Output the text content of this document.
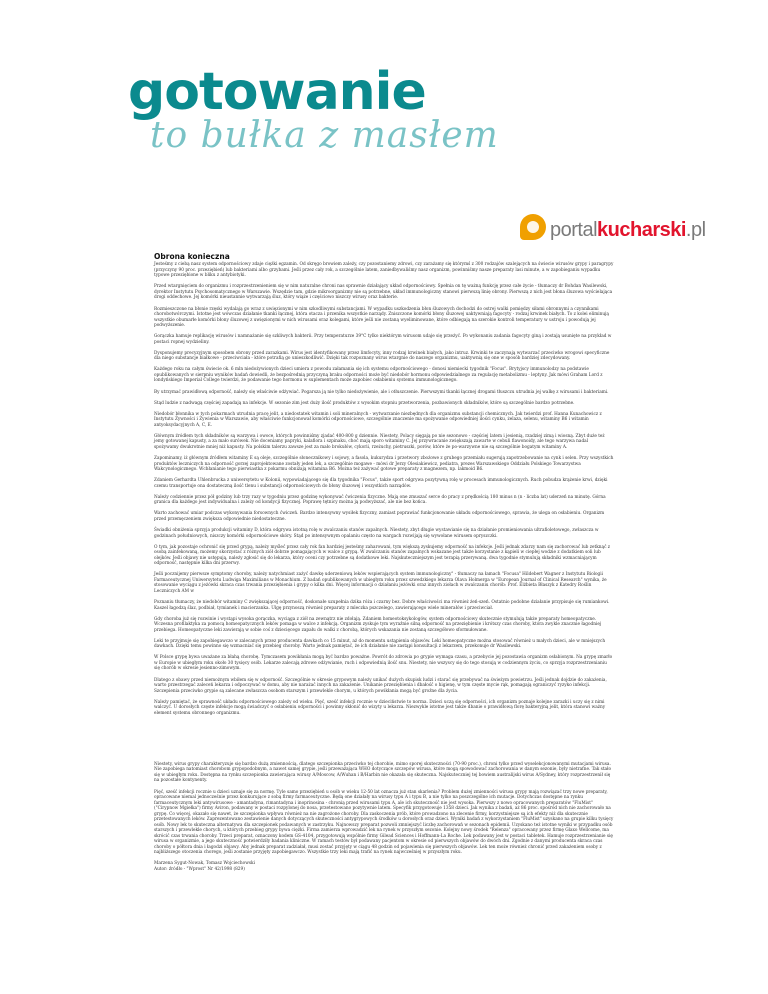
gotowanie
to bułka z masłem
portal kucharski .pl
Obrona konieczna

Jesteśmy z ciebą nasz system odpornościowy zdaje ciężki egzamin. Od skręgo browiem zależy, czy pozostaniemy zdrowi, czy zarażamy się którymś z 300 rodzajów szalejących na świecie wirusów grypy i paragrypy (przyczyny 90 proc. przeziębień) lub bakteriami albo grzybami. Jeśli przez cały rok, a szczególnie latem, zaniedbywaliśmy nasz organizm, powinniśmy nasze preparaty lasi minute, a w zapobieganiu wypadku typowe przeziębione w bliku z antybiotyki.

Przed wtargnięciem do organizmu i rozprzestrzenieniem się w nim naturalne chroni nas sprawnie działający układ odpornościowy. Spełnia on tę ważną funkcję przez całe życie - tłumaczy dr Bohdan Wasilewski, dyrektor Instytutu Psychosomatycznego w Warszawie. Wszędzie tam, gdzie mikroorganizmy nie są potrzebne, układ immunologiczny stanowi pierwszą linię obrony. Pierwszą z nich jest błona śluzowa wyścielająca drogi oddechowe. Jej komórki nieustannie wytwarzają śluz, który wiąże i częściowo niszczy wirusy oraz bakterie.

Rozmieszczone na błonie rzęski wydalają go wraz z uwięzionymi w nim szkodliwymi substancjami. W wypadku uszkodzenia błon śluzowych dochodzi do ostrej walki pomiędzy siłami obronnymi a czynnikami chorobotwórczymi. Istotne jest wówczas działanie tkanki łącznej, która otacza i przenika wszystkie narządy. Zniszczone komórki błony śluzowej uaktywniają fagocyty - rodzaj krwinek białych. To z kolei eliminują wszystkie obumarłe komórki błony śluzowej z uwięzionymi w nich wirusami oraz kolegami, które jeśli nie zostaną wyeliminowane, które odbiegają na szerokie kontroli temperatury w ustroju i powodują jej podwyższenie.

Gorączka hamuje replikację wirusów i namnażanie się szkliwych bakterii. Przy temperaturze 39°C tylko niektórym wirusom udaje się przeżyć. Po wykonaniu zadania fagocyty giną i zostają usunięte na przykład w postaci ropnej wydzieliny.

Dysponujemy precyzyjnym sposobem obrony przed zarazkami. Wirus jest identyfikowany przez limfocyty, inny rodzaj krwinek białych, jako intruz. Krwinki te zaczynają wytwarzać przeciwko wrogowi specyficzne dla niego substancje białkowe - przeciwciała - które potrafią go unieszkodliwić. Dzięki tak rozpoznany wirus wtargnie do naszego organizmu, uaktywnią się one w sposób bardziej zdecydowany.

Każdego roku na całym świecie ok. 6 mln niedożywionych dzieci umiera z powodu załamania się ich systemu odpornościowego - donosi niemiecki tygodnik "Focus". Brytyjscy immunolodzy na podstawie opublikowanych w sierpniu wyników badań dowiedli, że bezpośrednią przyczyną braku odporności może być niedobór hormonu odpowiedzialnego za regulację metabolizmu - leptyny. Jak mówi Graham Lord z londyńskiego Imperial College twierdzi, że podawanie tego hormonu w suplementach może zapobiec osłabieniu systemu immunologicznego.

By utrzymać prawidłową odporność, należy się właściwie odżywiać. Pogarsza ją nie tylko niedożywienie, ale i otłuszczenie. Pierwszymi tkanki łącznej drogami tłuszczu utrudnia jej walkę z wirusami i bakteriami.

Stąd ludzie z nadwagą częściej zapadają na infekcje. W sezonie zim jest duży ilość produktów z wysokim stopniu przetworzenia, pozbawionych składników, które są szczególnie bardzo potrzebne.

Niedobór błonnika w tych pokarmach utrudnia pracę jelit, a niedostatek witamin i soli mineralnych - wytwarzanie niezbędnych dla organizmu substancji chemicznych. Jak twierdzi prof. Hanna Kunachowicz z Instytutu Żywności i Żywienia w Warszawie, aby właściwie funkcjonował komórki odpornościowe, szczególnie znaczenie ma spożywanie odpowiedniej ilości cynku, żelaza, selenu, witaminy B6 i witamin antyoksydacyjnych A, C, E.

Głównym źródłem tych składników są warzywa i owoce, których powinniśmy zjadać 400-800 g dziennie. Niestety, Polacy sięgają po nie sezonowo - częściej latem i jesienią, rzadziej zimą i wiosną. Zbyt duże też jemy gotowanej kapusty, a za mało surówek. Nie doceniamy papryki, kalafiora i szpinaku, choć mają sporo witaminy C. Jej przywracanie zwiększają zawarte w cebuli flawonoidy, ale tego warzywa nadal spożywamy dwukrotnie mniej niż kapusty. Na polskim talerzu zawsze jest za mało brokułów, cykorii, rzeżuchy, pietruszki, porów, które że po-warzywne nie są szczególnie bogatym witaminy A.

Zapominamy, iż głównym źródłem witaminy E są oleje, szczególnie słonecznikowy i sojowy, a fasola, kukurydza i przetwory zbożowe z grubego przemiału sugerują zapotrzebowanie na cynk i selen. Przy wszystkich produktów leczniczych na odporność gorzej zaprojektowane zostały jeden lek, a szczególnie mogawe - mówi dr Jerzy Olesiakiewicz, pediatra, prezes Warszawskiego Oddziału Polskiego Towarzystwa Wakcynologicznego. Wchłanianie tego pierwiastka z pokarmu obniżają witamina B6. Można też zażywać gotowe preparaty z magnezem, np. lakmoid B6.

Zdaniem Gerhardta Uhlenbrucka z uniwersytetu w Kolonii, wypowiadającego się dla tygodnika "Focus", także sport odgrywa pozytywną rolę w procesach immunologicznych. Ruch pobudza krążenie krwi, dzięki czemu transportuje ona dostateczną ilość tlenu i substancji odpornościowych do błony śluzowej i wszystkich narządów.

Należy codziennie przez pół godziny lub trzy razy w tygodniu przez godzinę wykonywać ćwiczenia fizyczne. Mają one zmuszać serce do pracy z prędkością 180 minus n (n - liczba lat) uderzeń na minutę. Górna granica dla każdego jest indywidualna i zależy od kondycji fizycznej. Poprawę tętnicy można ją podwyższać, ale nie bez końca.

Warto zachować umiar podczas wykonywania forsownych ćwiczeń. Bardzo intensywny wysiłek fizyczny, zamiast poprawiać funkcjonowanie układu odpornościowego, sprawia, że ulega on osłabieniu. Organizm przed przemęczeniem zwiększa odpowiednie niedostateczne.

Świadki obniżenia sprzyja produkcji witaminy D, która odgrywa istotną rolę w zwalczaniu stanów zapalnych. Niestety, zbyt długie wystawianie się na działanie promieniowania ultrafioletowego, zwłaszcza w godzinach południowych, niszczy komórki odpornościowe skóry. Stąd po intensywnym opalaniu często na wargach rozwijają się wywołane wirusem opryszczki.

O tym, jak pozostaje ochronić się przed grypą, należy myśleć przez cały rok fan bardziej jesteśmy zaharowani, tym większą zyskujemy odporność na infekcje. Jeśli jednak zdarzy nam się zachorować lub zetknąć z osobą zainfekowaną, możemy skorzystać z różnych ziół dobrze pomagających w walce z grypą. W zwalczaniu stanów zapalnych wskazane jest także korzystanie z kąpieli w ciepłej wodzie z dodatkiem soli lub olejków. Jeśli objawy nie ustępują, należy zgłosić się do lekarza, który oceni czy potrzebne są dodatkowe leki. Najskuteczniejszym jest terapią przerywaną. dwa tygodnie stymulują składniki wzmacniającym odporność, następnie kilka dni przerwy.

Jeśli pocznijemy pierwsze symptomy choroby, należy natychmiast zażyć dawkę uderzeniową leków wspierających system immunologiczny" - tłumaczy na łamach "Focusa" Hildebert Wagner z Instytutu Biologii Farmaceutycznej Uniwersytetu Ludwiga Maximilians w Monachium. Z badań opublikowanych w ubiegłym roku przez szwedzkiego lekarza Olava Holmerga w "European Journal of Clinical Research" wynika, że stosowanie wyciągu z jeżówki skraca czas trwania przeziębienia i grypy o kilka dni. Więcej informacji o działaniu jeżówki oraz innych ziołach w zwalczaniu chorób: Prof. Elżbieta Błaszyk z Katedry Roślin Leczniczych AM w

Poznaniu tłumaczy, że niedobór witaminy C zwiększającej odporność, doskonałe uzupełnia dzika róża i czarny bez. Dobre właściwości ma również żeń-szeń. Ostatnio podobne działanie przypisuje się rumiankowi. Kaszel łagodzą ślaz, podbiał, tymianek i macierzanka. Ulgę przynoszą również preparaty z mleczka pszczelego, zawierającego wiele minerałów i przeciwciał.

Gdy choroba już się rozwinie i wystąpi wysoka gorączka, wyciąga z ziół na zewnątrz nie zdołają. Zdaniem homeotoksykologów, system odpornościowy skutecznie stymulują także preparaty homeopatyczne. Wczesna profilaktyka za pomocą homeopatycznych leków pomaga w walce z infekcją. Organizm zyskuje tym wyraźnie silną odporność na przeziębienie i krótszy czas choroby, która zwykle znacznie łagodniej przebiega. Homeopatyczne leki zawierają w sobie coś z dziecięcego zapału do walki z chorobą, których wskazania nie zostaną szczegółowo sformułowane.

Leki te przyjmuje się zapobiegawczo w zalecanych przez producenta dawkach co 15 minut, aż do momentu ustąpienia objawów. Leki homeopatyczne można stosować również u małych dzieci, ale w mniejszych dawkach. Dzięki temu powinno się wzmacniać się przebieg choroby. Warto jednak pamiętać, że ich działanie nie zastąpi konsultacji z lekarzem, przekonuje dr Wasilewski.

W Polsce grypę bywa uważane za błahą chorobę. Tymczasem powikłania mogą być bardzo poważne. Powrót do zdrowia po grypie wymaga czasu, a przebycie jej pozostawia organizm osłabionym. Na grypę zmarło w Europie w ubiegłym roku około 30 tysięcy osób. Lekarze zalecają zdrowe odżywianie, ruch i odpowiednią ilość snu. Niestety, nie wszyscy się do tego stosują w codziennym życiu, co sprzyja rozprzestrzenianiu się chorób w okresie jesienno-zimowym.

Dlatego z obawy przed niemożnym wbiłem się w odporność. Szczególnie w okresie grypowym należy unikać dużych skupisk ludzi i starać się przebywać na świeżym powietrzu. Jeśli jednak dojdzie do zakażenia, warto przestrzegać zaleceń lekarza i odpoczywać w domu, aby nie narażać innych na zakażenie. Unikanie przeziębienia i dbałość o higienę, w tym częste mycie rąk, pomagają ograniczyć ryzyko infekcji. Szczepienia przeciwko grypie są zalecane zwłaszcza osobom starszym i przewlekle chorym, u których powikłania mogą być groźne dla życia.

Należy pamiętać, że sprawność układu odpornościowego zależy od wieku. Pięć, sześć infekcji rocznie w dzieciństwie to norma. Dzieci uczą się odporności, ich organizm poznaje kolejne zarazki i uczy się z nimi walczyć. U dorosłych częste infekcje mogą świadczyć o osłabieniu odporności i powinny skłonić do wizyty u lekarza. Niezwykle istotne jest także dbanie o prawidłową florę bakteryjną jelit, która stanowi ważny element systemu obronnego organizmu.

Niestety, wirus grypy charakteryzuje się bardzo dużą zmiennością, dlatego szczepionka przeciwko tej chorobie, mimo sporej skuteczności (70-90 proc.), chroni tylko przed wyselekcjonowanymi mutacjami wirusa. Nie zapobiega natomiast chorobom grypopodobnym, a nawet samej grypie, jeśli przeważająca WHO dotyczące szczepów wirusa, które mogą spowodować zachorowania w danym sezonie, były nietrafne. Tak stało się w ubiegłym roku. Dostępna na rynku szczepionka zawierająca wirusy A/Moscow, A/Wuhan i B/Harbin nie okazała się skuteczna. Najskuteczniej tej bowiem australijski wirus A/Sydney, który rozprzestrzenił się na pozostałe kontynenty.

Pięć, sześć infekcji rocznie u dzieci uznaje się za normę. Tyle samo przeziębień u osób w wieku 12-50 lat oznacza już stan skarlenia? Problem dużej zmienności wirusa grypy mają rozwiązać trzy nowe preparaty, opracowane niemal jednocześnie przez konkurujące z sobą firmy farmaceutyczne. Będą one działały na wirusy typu A i typu B, a nie tylko na poszczególne ich mutacje. Dotychczas dostępne na rynku farmaceutycznym leki antywirusowe - amantadyna, rimantadyna i inoprinosina - chronią przed wirusami typu A, ale ich skuteczność nie jest wysoka. Pierwszy z nowo opracowanych preparatów "FluMist" ("Cirypnow Mgiełka") firmy Aviron, podawany w postaci rozpylonej do nosa, przetestowano pozytywnie latem. Specyfik przygotowuje 1358 dzieci. Jak wynika z badań, aż 86 proc. spośród nich nie zachorowało na grypę. Co więcej, okazało się nawet, że szczepionka wpływa również na nie zagrożone choroby. Dla zaskoczenia prób, które prowadzono na zlecenie firmy, korzystniejsze są ich efekty niż dla skutecznie przetestowanych leków. Zaprezentowano zestawienie danych dotyczących skuteczności antygrypowych środków u dorosłych oraz dzieci. Wyniki badań z wykorzystaniem "FluMist" uzyskano na grupie kilku tysięcy osób. Nowy lek to skuteczna alternatywa dla szczepionek podawanych w zastrzyku. Najnowszy preparat pozwoli zmniejszyć liczbę zachorowań w sezonach epidemii. Uzyskano też istotne wyniki w przypadku osób starszych i przewlekle chorych, u których przebieg grypy bywa ciężki. Firma zamierza wprowadzić lek na rynek w przyszłym sezonie. Kolejny nowy środek "Relenza" opracowany przez firmę Glaxo Wellcome, ma skrócić czas trwania choroby. Trzeci preparat, oznaczony kodem GS-4104, przygotowują wspólnie firmy Gilead Sciences i Hoffmann-La Roche. Lek podawany jest w postaci tabletek. Hamuje rozprzestrzenianie się wirusa w organizmie, a jego skuteczność potwierdziły badania kliniczne. W ramach testów był podawany pacjentom w okresie od pierwszych objawów do dwóch dni. Zgodnie z danymi producenta skraca czas choroby o półtora dnia i łagodzi objawy. Aby jednak preparat zadziałał, musi zostać przyjęty w ciągu 48 godzin od pojawienia się pierwszych objawów. Lek ten może również chronić przed zakażeniem osoby z najbliższego otoczenia chorego, jeśli zostanie przyjęty zapobiegawczo. Wszystkie trzy leki mają trafić na rynek najwcześniej w przyszłym roku.

Marzena Sygut-Nowak, Tomasz Wojciechowski

Autor: źródło - "Wprost" Nr 42/1998 (829)
